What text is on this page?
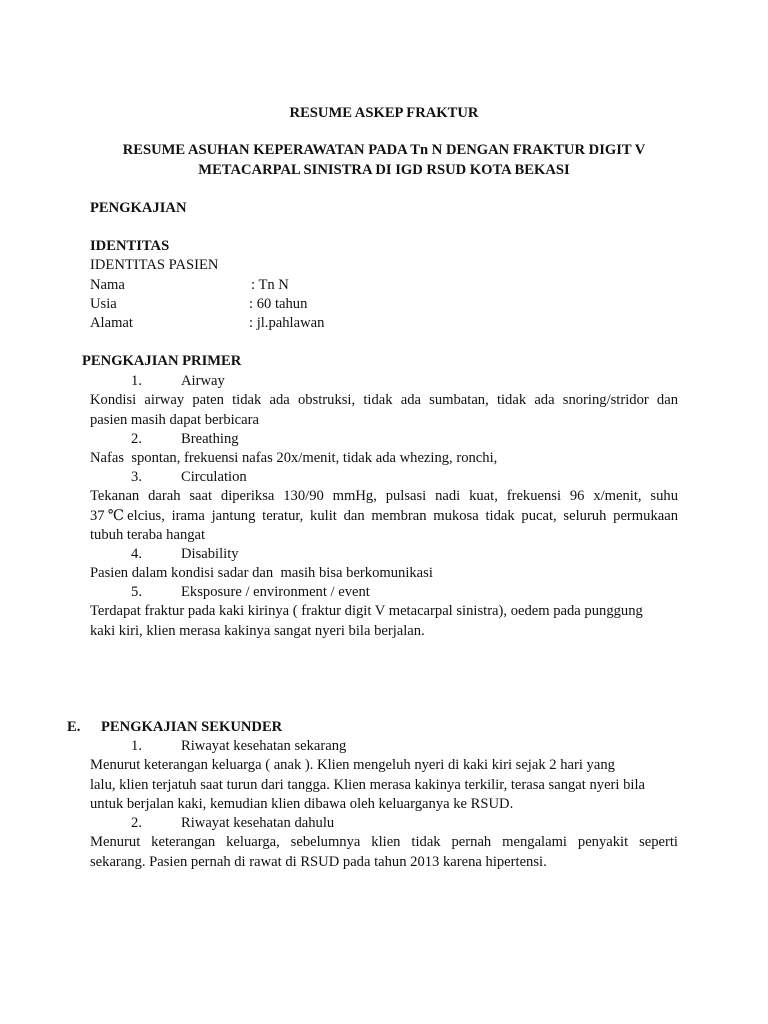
RESUME ASKEP FRAKTUR
RESUME ASUHAN KEPERAWATAN PADA Tn N DENGAN FRAKTUR DIGIT V
METACARPAL SINISTRA DI IGD RSUD KOTA BEKASI
PENGKAJIAN
IDENTITAS
IDENTITAS PASIEN
Nama	: Tn N
Usia	: 60 tahun
Alamat	: jl.pahlawan
PENGKAJIAN PRIMER
1.	Airway
Kondisi airway paten tidak ada obstruksi, tidak ada sumbatan, tidak ada snoring/stridor dan
pasien masih dapat berbicara
2.	Breathing
Nafas  spontan, frekuensi nafas 20x/menit, tidak ada whezing, ronchi,
3.	Circulation
Tekanan darah saat diperiksa 130/90 mmHg, pulsasi nadi kuat, frekuensi 96 x/menit, suhu
37℃elcius, irama jantung teratur, kulit dan membran mukosa tidak pucat, seluruh permukaan
tubuh teraba hangat
4.	Disability
Pasien dalam kondisi sadar dan  masih bisa berkomunikasi
5.	Eksposure / environment / event
Terdapat fraktur pada kaki kirinya ( fraktur digit V metacarpal sinistra), oedem pada punggung
kaki kiri, klien merasa kakinya sangat nyeri bila berjalan.
E. PENGKAJIAN SEKUNDER
1.	Riwayat kesehatan sekarang
Menurut keterangan keluarga ( anak ). Klien mengeluh nyeri di kaki kiri sejak 2 hari yang
lalu, klien terjatuh saat turun dari tangga. Klien merasa kakinya terkilir, terasa sangat nyeri bila
untuk berjalan kaki, kemudian klien dibawa oleh keluarganya ke RSUD.
2.	Riwayat kesehatan dahulu
Menurut keterangan keluarga, sebelumnya klien tidak pernah mengalami penyakit seperti
sekarang. Pasien pernah di rawat di RSUD pada tahun 2013 karena hipertensi.
